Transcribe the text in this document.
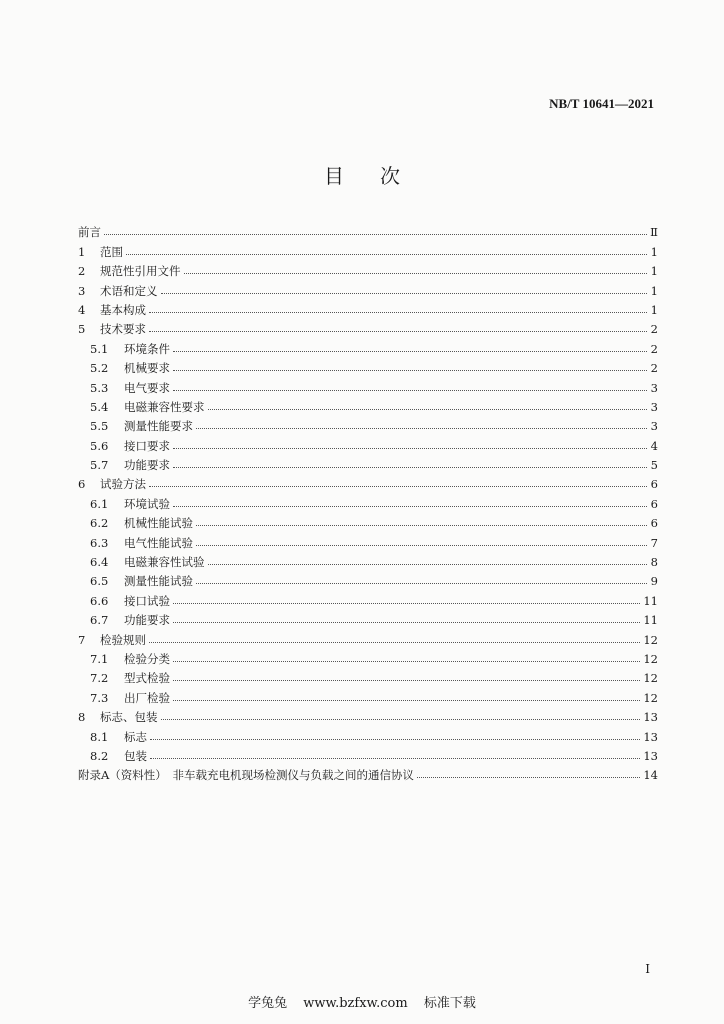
NB/T 10641—2021
目次
前言	Ⅱ
1	范围	1
2	规范性引用文件	1
3	术语和定义	1
4	基本构成	1
5	技术要求	2
5.1	环境条件	2
5.2	机械要求	2
5.3	电气要求	3
5.4	电磁兼容性要求	3
5.5	测量性能要求	3
5.6	接口要求	4
5.7	功能要求	5
6	试验方法	6
6.1	环境试验	6
6.2	机械性能试验	6
6.3	电气性能试验	7
6.4	电磁兼容性试验	8
6.5	测量性能试验	9
6.6	接口试验	11
6.7	功能要求	11
7	检验规则	12
7.1	检验分类	12
7.2	型式检验	12
7.3	出厂检验	12
8	标志、包装	13
8.1	标志	13
8.2	包装	13
附录A（资料性）　非车载充电机现场检测仪与负载之间的通信协议	14
I
学兔兔 www.bzfxw.com 标准下载
